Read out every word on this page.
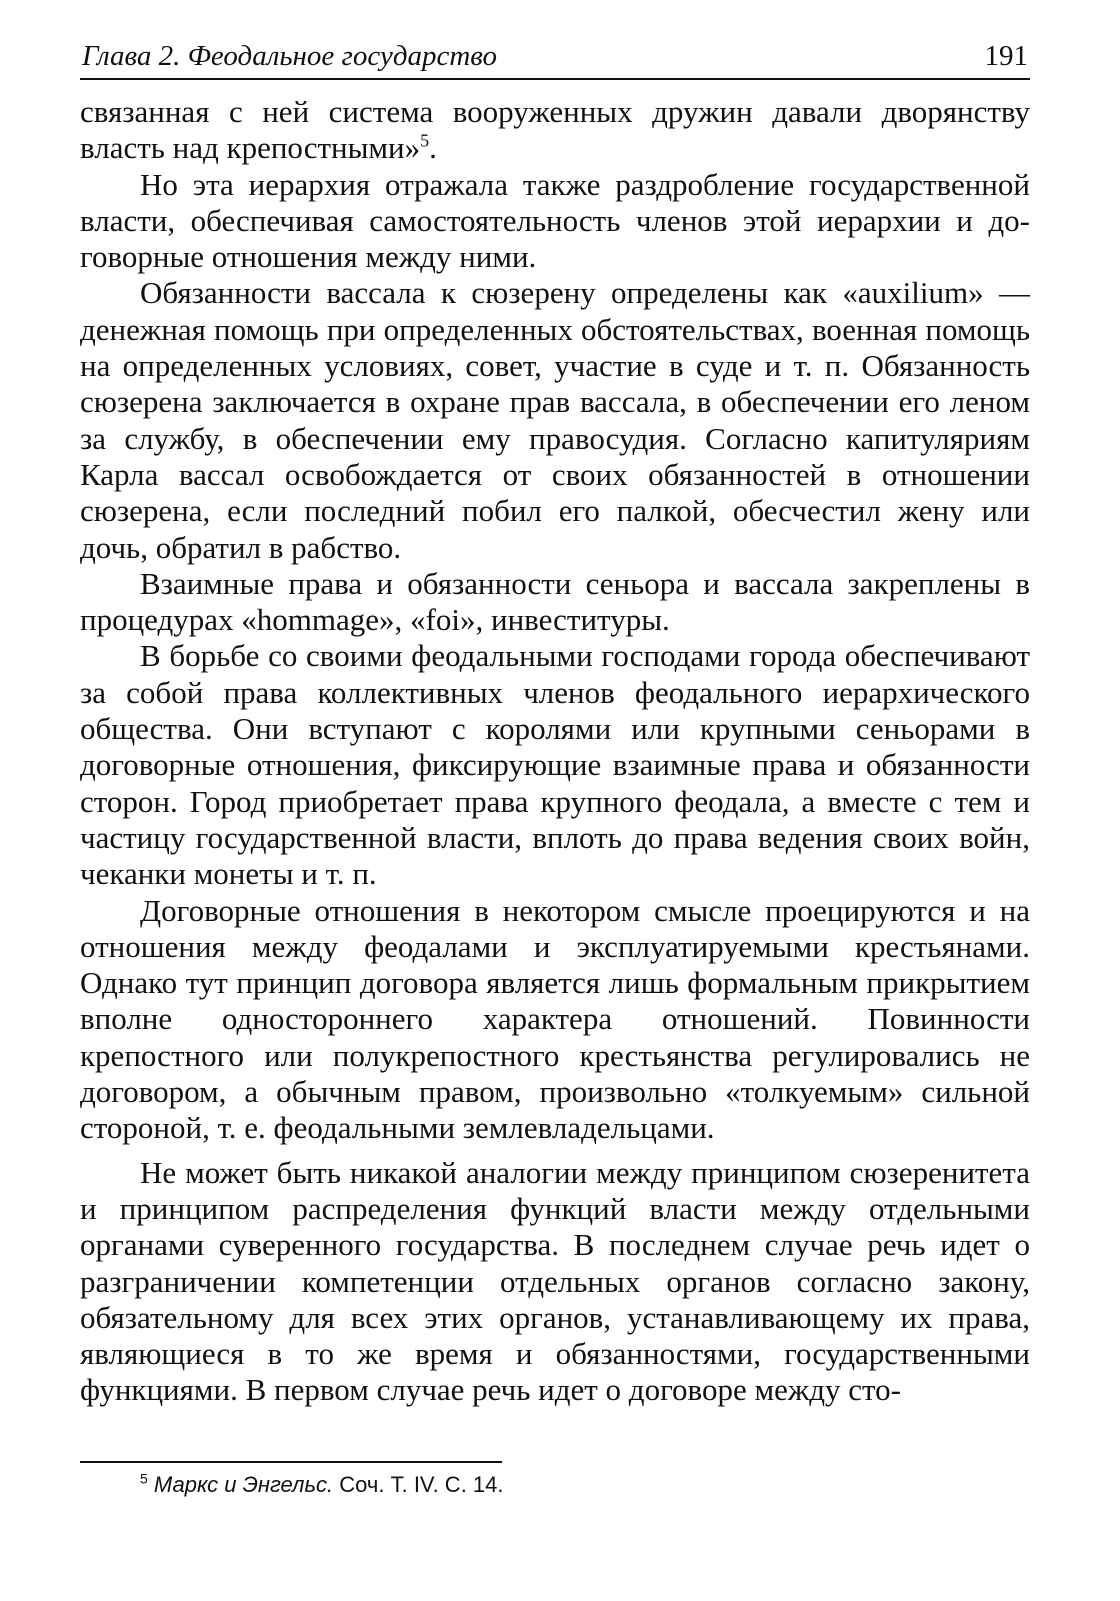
Глава 2. Феодальное государство	191

связанная с ней система вооруженных дружин давали дворянству власть над крепостными»$^5$.

Но эта иерархия отражала также раздробление государственной власти, обеспечивая самостоятельность членов этой иерархии и договорные отношения между ними.

Обязанности вассала к сюзерену определены как «auxilium» — денежная помощь при определенных обстоятельствах, военная помощь на определенных условиях, совет, участие в суде и т. п. Обязанность сюзерена заключается в охране прав вассала, в обеспечении его леном за службу, в обеспечении ему правосудия. Согласно капитуляриям Карла вассал освобождается от своих обязанностей в отношении сюзерена, если последний побил его палкой, обесчестил жену или дочь, обратил в рабство.

Взаимные права и обязанности сеньора и вассала закреплены в процедурах «hommage», «foi», инвеституры.

В борьбе со своими феодальными господами города обеспечивают за собой права коллективных членов феодального иерархического общества. Они вступают с королями или крупными сеньорами в договорные отношения, фиксирующие взаимные права и обязанности сторон. Город приобретает права крупного феодала, а вместе с тем и частицу государственной власти, вплоть до права ведения своих войн, чеканки монеты и т. п.

Договорные отношения в некотором смысле проецируются и на отношения между феодалами и эксплуатируемыми крестьянами. Однако тут принцип договора является лишь формальным прикрытием вполне одностороннего характера отношений. Повинности крепостного или полукрепостного крестьянства регулировались не договором, а обычным правом, произвольно «толкуемым» сильной стороной, т. е. феодальными землевладельцами.

Не может быть никакой аналогии между принципом сюзеренитета и принципом распределения функций власти между отдельными органами суверенного государства. В последнем случае речь идет о разграничении компетенции отдельных органов согласно закону, обязательному для всех этих органов, устанавливающему их права, являющиеся в то же время и обязанностями, государственными функциями. В первом случае речь идет о договоре между сто-

$^5$ Маркс и Энгельс. Соч. Т. IV. С. 14.
